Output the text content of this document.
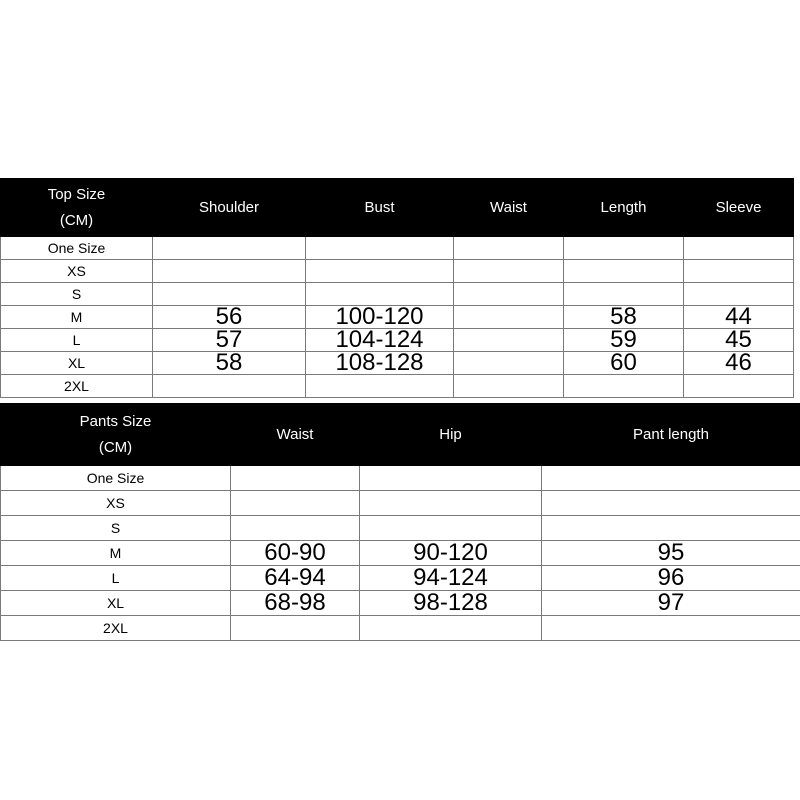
Top Size
(CM)	Shoulder	Bust	Waist	Length	Sleeve
One Size					
XS					
S					
M	56	100-120		58	44
L	57	104-124		59	45
XL	58	108-128		60	46
2XL					
Pants Size
(CM)	Waist	Hip	Pant length
One Size			
XS			
S			
M	60-90	90-120	95
L	64-94	94-124	96
XL	68-98	98-128	97
2XL			
